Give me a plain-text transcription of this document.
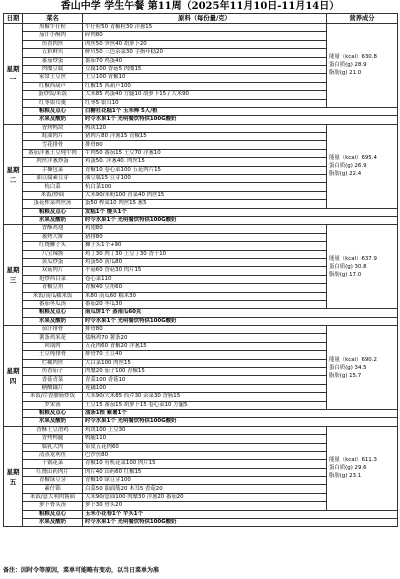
香山中学 学生午餐 第11周（2025年11月10日-11月14日）
日期	菜名	原料（每份量/克）	营养成分
星期一	黑椒牛仔粒	牛仔粒50 青椒粒30 洋葱15	能量（kcal）630.8
蛋白质(g) 28.9
脂肪(g) 21.0

	茄汁小酥肉	碎肉80	
	鱼香肉丝	肉丝50 笋丝40 胡萝卜20	
	五彩鲜贝	鲜贝50 三色杂菜30 手指年糕20	
	番茄炒蛋	番茄70 鸡蛋40	
	肉糜豆腐	豆腐100 香菇5 肉糜15	
	家常土豆丝	土豆100 青椒10	
	红椒西葫芦	红椒15 西葫芦100	
	蛋炒饭/米饭	大米85 鸡蛋40 方腿10 胡萝卜15 / 大米90	
	红枣银耳羹	红枣5 银耳10	
	粗粮及点心	白糖社花糕1个 玉米棒 5人/根	
	水果及酸奶	时令水果1个 光明餐饮特供100G酸奶	
星期二	香烤鸭块	鸭块120	能量（kcal）695.4
蛋白质(g) 26.9
脂肪(g) 22.4

	蚝油肉片	猪肉片80 洋葱15 青椒15	
	雪花排骨	排骨80	
	番茄洋葱土豆炖牛肉	牛肉50 番茄15 土豆70 洋葱10	
	肉丝洋葱炒蛋	鸡蛋50. 洋葱40. 肉丝15	
	手撕包菜	青椒10 卷心菜100 五花肉片15	
	油豆腐素豆芽	油豆腐15 豆芽100	
	杭白菜	杭白菜100	
	米饭/炒面	大米90/米粉100 青菜40 肉丝15	
	蛋花榨菜肉丝汤	蛋50 榨菜10 肉丝15 葱5	
	粗粮及点心	发糕1个 馒头1个	
	水果及酸奶	时令水果1个 光明餐饮特供100G酸奶	
星期三	香酥鸡翅	鸡翅80	能量（kcal）637.9
蛋白质(g) 30.8
脂肪(g) 17.0

	葱烤大排	猪排80	
	红烧狮子头	狮子头1个+90	
	八宝辣酱	鸡丁30 肉丁30 土豆丁30 香干10	
	黄瓜炒蛋	鸡蛋50 黄瓜80	
	双菇肉片	平菇60 香菇30 肉片15	
	炝炒西白菜	卷心菜110	
	青椒豆角	青椒40 豆角60	
	米饭/南瓜糯米饭	米80 南瓜60 糯米30	
	番茄冬瓜汤	番茄20 冬瓜30	
	粗粮及点心	南瓜饼1个 蒸南瓜60克	
	水果及酸奶	时令水果1个 光明餐饮特供100G酸奶	
星期四	茄汁排骨	排骨80	能量（kcal）690.2
蛋白质(g) 34.5
脂肪(g) 15.7

	薯条鸡米花	盐酥鸡70 薯条20	
	回锅肉	五花肉60 青椒20 洋葱15	
	土豆炖排骨	排骨70 土豆40	
	烂糊肉丝	大白菜100 肉丝15	
	鱼香茄子	肉糜20 茄子100 青椒15	
	香菇青菜	青菜100 香菇10	
	糖醋藕片	莲藕100	
	米饭/芹香腊肠炒饭	大米90/大米85 西芹30 杂菜30 香肠15	
	罗宋汤	土豆15 番茄15 胡萝卜15 卷心菜10 方腿5	
	粗粮及点心	油条1根 紫薯1个	
	水果及酸奶	时令水果1个 光明餐饮特供100G酸奶	
星期五	香酥土豆滑鸡	鸡块100 土豆30	能量（kcal）611.3
蛋白质(g) 29.6
脂肪(g) 23.1

	香烤鸭腿	鸭腿110	
	腐乳大肉	带皮五花肉60	
	清蒸龙利鱼	巴沙鱼80	
	干锅花菜	青椒10 有机花菜100 肉片15	
	红烧山药肉片	肉片40 山药60 红椒15	
	青椒绿豆芽	青椒10 绿豆芽100	
	素什锦	白菜50 油面筋20 木耳5 香菇20	
	米饭/意大利肉酱面	大米90/意面100 肉糜30 洋葱20 番茄20	
	萝卜骨头汤	萝卜30 骨头20	
	粗粮及点心	玉米小花卷1个 芋头1个	
	水果及酸奶	时令水果1个 光明餐饮特供100G酸奶	
备注：因时令等原因，菜单可能略有变动，以当日菜单为准
